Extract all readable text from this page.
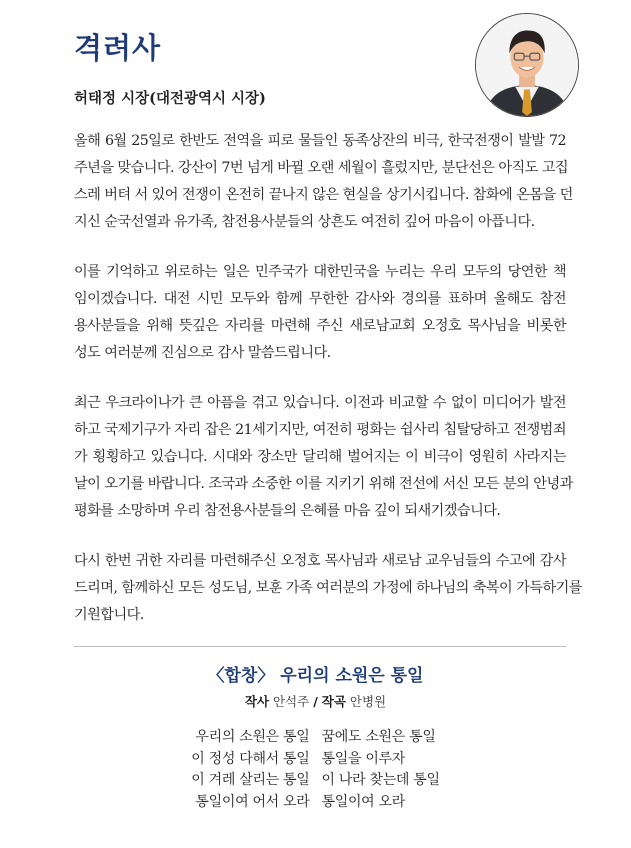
격려사
허태정 시장(대전광역시 시장)
올해 6월 25일로 한반도 전역을 피로 물들인 동족상잔의 비극, 한국전쟁이 발발 72
주년을 맞습니다. 강산이 7번 넘게 바뀔 오랜 세월이 흘렀지만, 분단선은 아직도 고집
스레 버텨 서 있어 전쟁이 온전히 끝나지 않은 현실을 상기시킵니다. 참화에 온몸을 던
지신 순국선열과 유가족, 참전용사분들의 상흔도 여전히 깊어 마음이 아픕니다.
이를 기억하고 위로하는 일은 민주국가 대한민국을 누리는 우리 모두의 당연한 책
임이겠습니다. 대전 시민 모두와 함께 무한한 감사와 경의를 표하며 올해도 참전
용사분들을 위해 뜻깊은 자리를 마련해 주신 새로남교회 오정호 목사님을 비롯한
성도 여러분께 진심으로 감사 말씀드립니다.
최근 우크라이나가 큰 아픔을 겪고 있습니다. 이전과 비교할 수 없이 미디어가 발전
하고 국제기구가 자리 잡은 21세기지만, 여전히 평화는 쉽사리 침탈당하고 전쟁범죄
가 횡횡하고 있습니다. 시대와 장소만 달리해 벌어지는 이 비극이 영원히 사라지는
날이 오기를 바랍니다. 조국과 소중한 이를 지키기 위해 전선에 서신 모든 분의 안녕과
평화를 소망하며 우리 참전용사분들의 은혜를 마음 깊이 되새기겠습니다.
다시 한번 귀한 자리를 마련해주신 오정호 목사님과 새로남 교우님들의 수고에 감사
드리며, 함께하신 모든 성도님, 보훈 가족 여러분의 가정에 하나님의 축복이 가득하기를
기원합니다.
〈합창〉 우리의 소원은 통일
작사 안석주 / 작곡 안병원
우리의 소원은 통일
이 정성 다해서 통일
이 겨레 살리는 통일
통일이여 어서 오라
꿈에도 소원은 통일
통일을 이루자
이 나라 찾는데 통일
통일이여 오라
